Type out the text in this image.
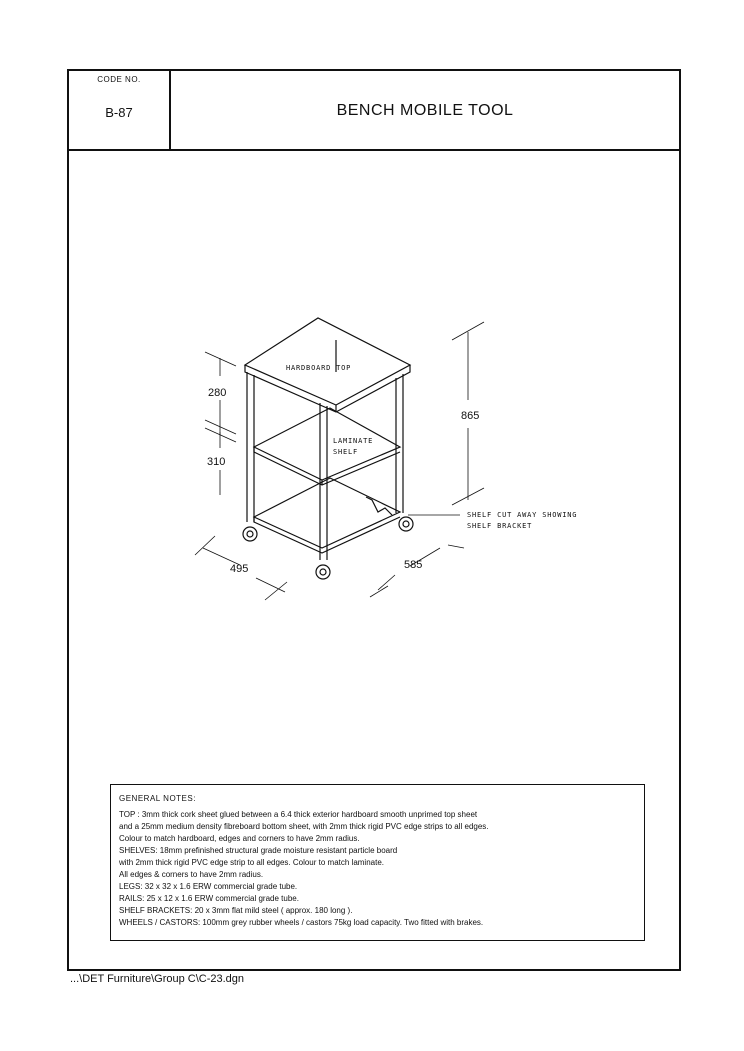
CODE NO.
B-87	BENCH MOBILE TOOL
HARDBOARD TOP
LAMINATE
SHELF
SHELF CUT AWAY SHOWING
SHELF BRACKET
280
310
865
495	585
GENERAL NOTES:
TOP : 3mm thick cork sheet glued between a 6.4 thick exterior hardboard smooth unprimed top sheet
and a 25mm medium density fibreboard bottom sheet, with 2mm thick rigid PVC edge strips to all edges.
Colour to match hardboard, edges and corners to have 2mm radius.
SHELVES: 18mm prefinished structural grade moisture resistant particle board
with 2mm thick rigid PVC edge strip to all edges. Colour to match laminate.
All edges & corners to have 2mm radius.
LEGS: 32 x 32 x 1.6 ERW commercial grade tube.
RAILS: 25 x 12 x 1.6 ERW commercial grade tube.
SHELF BRACKETS: 20 x 3mm flat mild steel ( approx. 180 long ).
WHEELS / CASTORS: 100mm grey rubber wheels / castors 75kg load capacity. Two fitted with brakes.
...\DET Furniture\Group C\C-23.dgn
